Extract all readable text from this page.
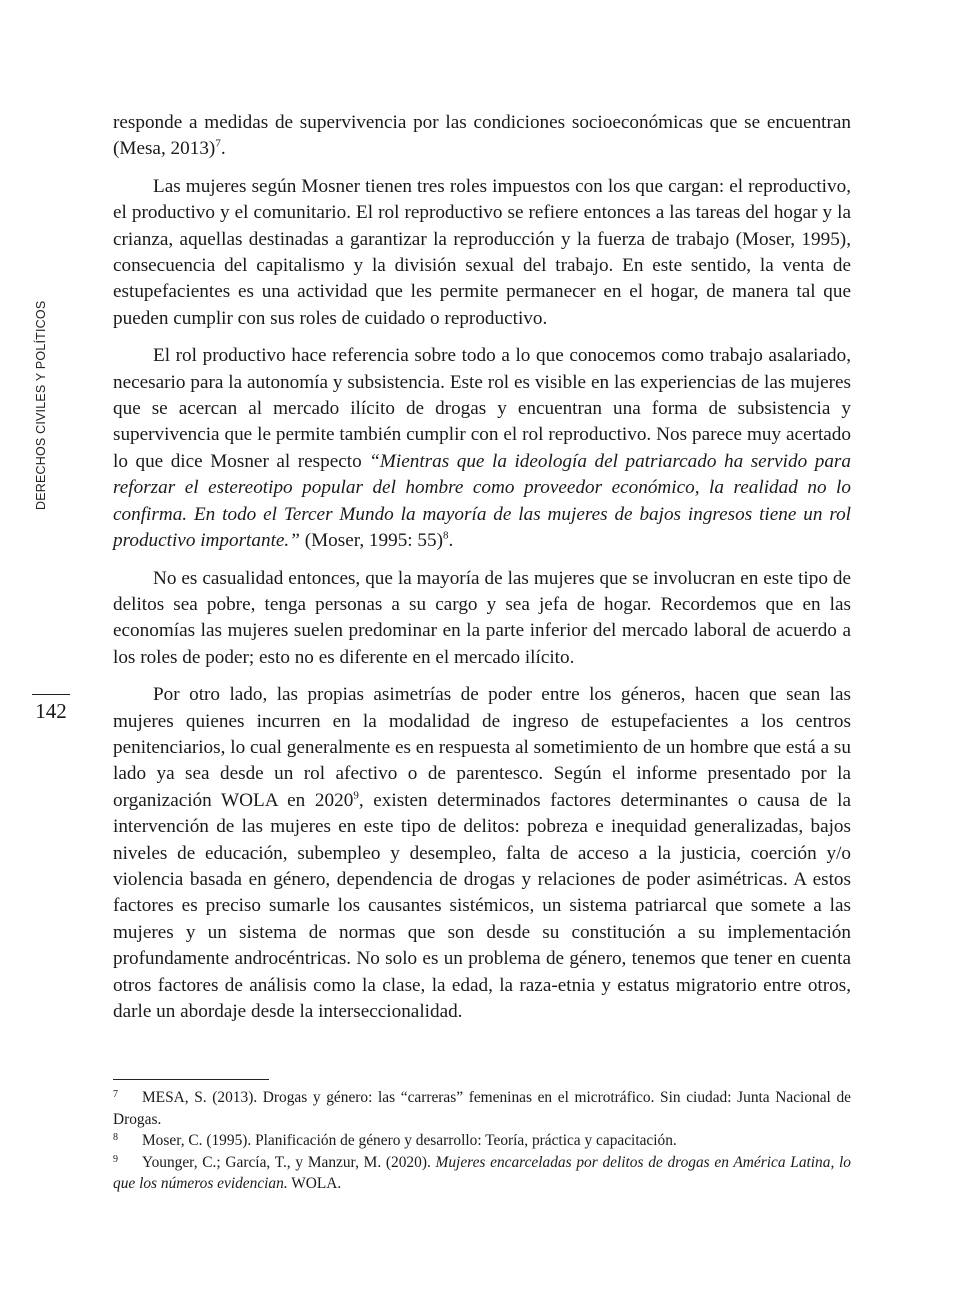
DERECHOS CIVILES Y POLÍTICOS
142

responde a medidas de supervivencia por las condiciones socioeconómicas que se encuentran (Mesa, 2013)$^7$.

Las mujeres según Mosner tienen tres roles impuestos con los que cargan: el reproductivo, el productivo y el comunitario. El rol reproductivo se refiere entonces a las tareas del hogar y la crianza, aquellas destinadas a garantizar la reproducción y la fuerza de trabajo (Moser, 1995), consecuencia del capitalismo y la división sexual del trabajo. En este sentido, la venta de estupefacientes es una actividad que les permite permanecer en el hogar, de manera tal que pueden cumplir con sus roles de cuidado o reproductivo.

El rol productivo hace referencia sobre todo a lo que conocemos como trabajo asalariado, necesario para la autonomía y subsistencia. Este rol es visible en las experiencias de las mujeres que se acercan al mercado ilícito de drogas y encuentran una forma de subsistencia y supervivencia que le permite también cumplir con el rol reproductivo. Nos parece muy acertado lo que dice Mosner al respecto “Mientras que la ideología del patriarcado ha servido para reforzar el estereotipo popular del hombre como proveedor económico, la realidad no lo confirma. En todo el Tercer Mundo la mayoría de las mujeres de bajos ingresos tiene un rol productivo importante.” (Moser, 1995: 55)$^8$.

No es casualidad entonces, que la mayoría de las mujeres que se involucran en este tipo de delitos sea pobre, tenga personas a su cargo y sea jefa de hogar. Recordemos que en las economías las mujeres suelen predominar en la parte inferior del mercado laboral de acuerdo a los roles de poder; esto no es diferente en el mercado ilícito.

Por otro lado, las propias asimetrías de poder entre los géneros, hacen que sean las mujeres quienes incurren en la modalidad de ingreso de estupefacientes a los centros penitenciarios, lo cual generalmente es en respuesta al sometimiento de un hombre que está a su lado ya sea desde un rol afectivo o de parentesco. Según el informe presentado por la organización WOLA en 2020$^9$, existen determinados factores determinantes o causa de la intervención de las mujeres en este tipo de delitos: pobreza e inequidad generalizadas, bajos niveles de educación, subempleo y desempleo, falta de acceso a la justicia, coerción y/o violencia basada en género, dependencia de drogas y relaciones de poder asimétricas. A estos factores es preciso sumarle los causantes sistémicos, un sistema patriarcal que somete a las mujeres y un sistema de normas que son desde su constitución a su implementación profundamente androcéntricas. No solo es un problema de género, tenemos que tener en cuenta otros factores de análisis como la clase, la edad, la raza-etnia y estatus migratorio entre otros, darle un abordaje desde la interseccionalidad.

7 MESA, S. (2013). Drogas y género: las “carreras” femeninas en el microtráfico. Sin ciudad: Junta Nacional de Drogas.
8 Moser, C. (1995). Planificación de género y desarrollo: Teoría, práctica y capacitación.
9 Younger, C.; García, T., y Manzur, M. (2020). Mujeres encarceladas por delitos de drogas en América Latina, lo que los números evidencian. WOLA.
